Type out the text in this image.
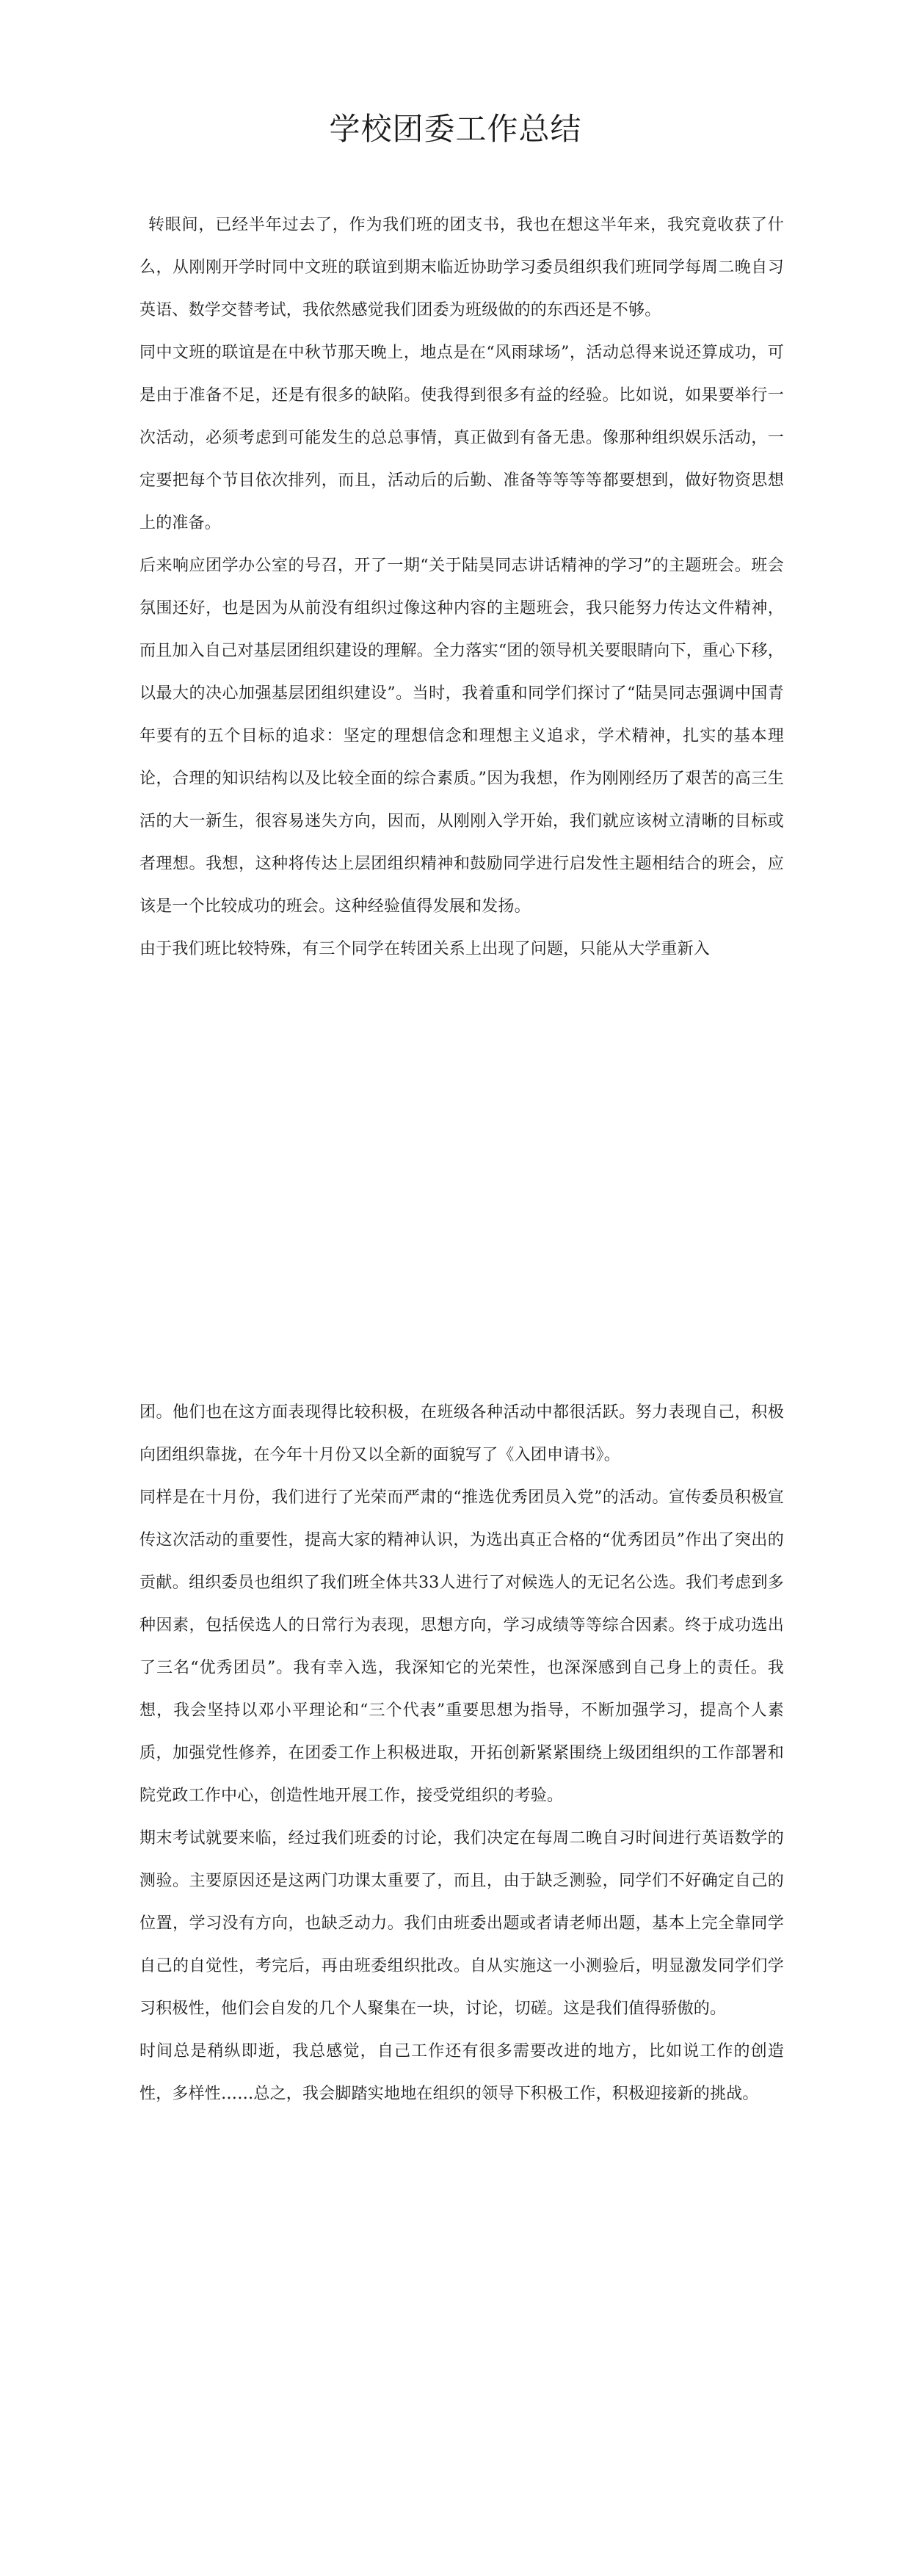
学校团委工作总结

转眼间，已经半年过去了，作为我们班的团支书，我也在想这半年来，我究竟收获了什么，从刚刚开学时同中文班的联谊到期末临近协助学习委员组织我们班同学每周二晚自习英语、数学交替考试，我依然感觉我们团委为班级做的的东西还是不够。

同中文班的联谊是在中秋节那天晚上，地点是在“风雨球场”，活动总得来说还算成功，可是由于准备不足，还是有很多的缺陷。使我得到很多有益的经验。比如说，如果要举行一次活动，必须考虑到可能发生的总总事情，真正做到有备无患。像那种组织娱乐活动，一定要把每个节目依次排列，而且，活动后的后勤、准备等等等等都要想到，做好物资思想上的准备。

后来响应团学办公室的号召，开了一期“关于陆昊同志讲话精神的学习”的主题班会。班会氛围还好，也是因为从前没有组织过像这种内容的主题班会，我只能努力传达文件精神，而且加入自己对基层团组织建设的理解。全力落实“团的领导机关要眼睛向下，重心下移，以最大的决心加强基层团组织建设”。当时，我着重和同学们探讨了“陆昊同志强调中国青年要有的五个目标的追求：坚定的理想信念和理想主义追求，学术精神，扎实的基本理论，合理的知识结构以及比较全面的综合素质。”因为我想，作为刚刚经历了艰苦的高三生活的大一新生，很容易迷失方向，因而，从刚刚入学开始，我们就应该树立清晰的目标或者理想。我想，这种将传达上层团组织精神和鼓励同学进行启发性主题相结合的班会，应该是一个比较成功的班会。这种经验值得发展和发扬。

由于我们班比较特殊，有三个同学在转团关系上出现了问题，只能从大学重新入

团。他们也在这方面表现得比较积极，在班级各种活动中都很活跃。努力表现自己，积极向团组织靠拢，在今年十月份又以全新的面貌写了《入团申请书》。

同样是在十月份，我们进行了光荣而严肃的“推选优秀团员入党”的活动。宣传委员积极宣传这次活动的重要性，提高大家的精神认识，为选出真正合格的“优秀团员”作出了突出的贡献。组织委员也组织了我们班全体共33人进行了对候选人的无记名公选。我们考虑到多种因素，包括侯选人的日常行为表现，思想方向，学习成绩等等综合因素。终于成功选出了三名“优秀团员”。我有幸入选，我深知它的光荣性，也深深感到自己身上的责任。我想，我会坚持以邓小平理论和“三个代表”重要思想为指导，不断加强学习，提高个人素质，加强党性修养，在团委工作上积极进取，开拓创新紧紧围绕上级团组织的工作部署和院党政工作中心，创造性地开展工作，接受党组织的考验。

期末考试就要来临，经过我们班委的讨论，我们决定在每周二晚自习时间进行英语数学的测验。主要原因还是这两门功课太重要了，而且，由于缺乏测验，同学们不好确定自己的位置，学习没有方向，也缺乏动力。我们由班委出题或者请老师出题，基本上完全靠同学自己的自觉性，考完后，再由班委组织批改。自从实施这一小测验后，明显激发同学们学习积极性，他们会自发的几个人聚集在一块，讨论，切磋。这是我们值得骄傲的。

时间总是稍纵即逝，我总感觉，自己工作还有很多需要改进的地方，比如说工作的创造性，多样性……总之，我会脚踏实地地在组织的领导下积极工作，积极迎接新的挑战。
